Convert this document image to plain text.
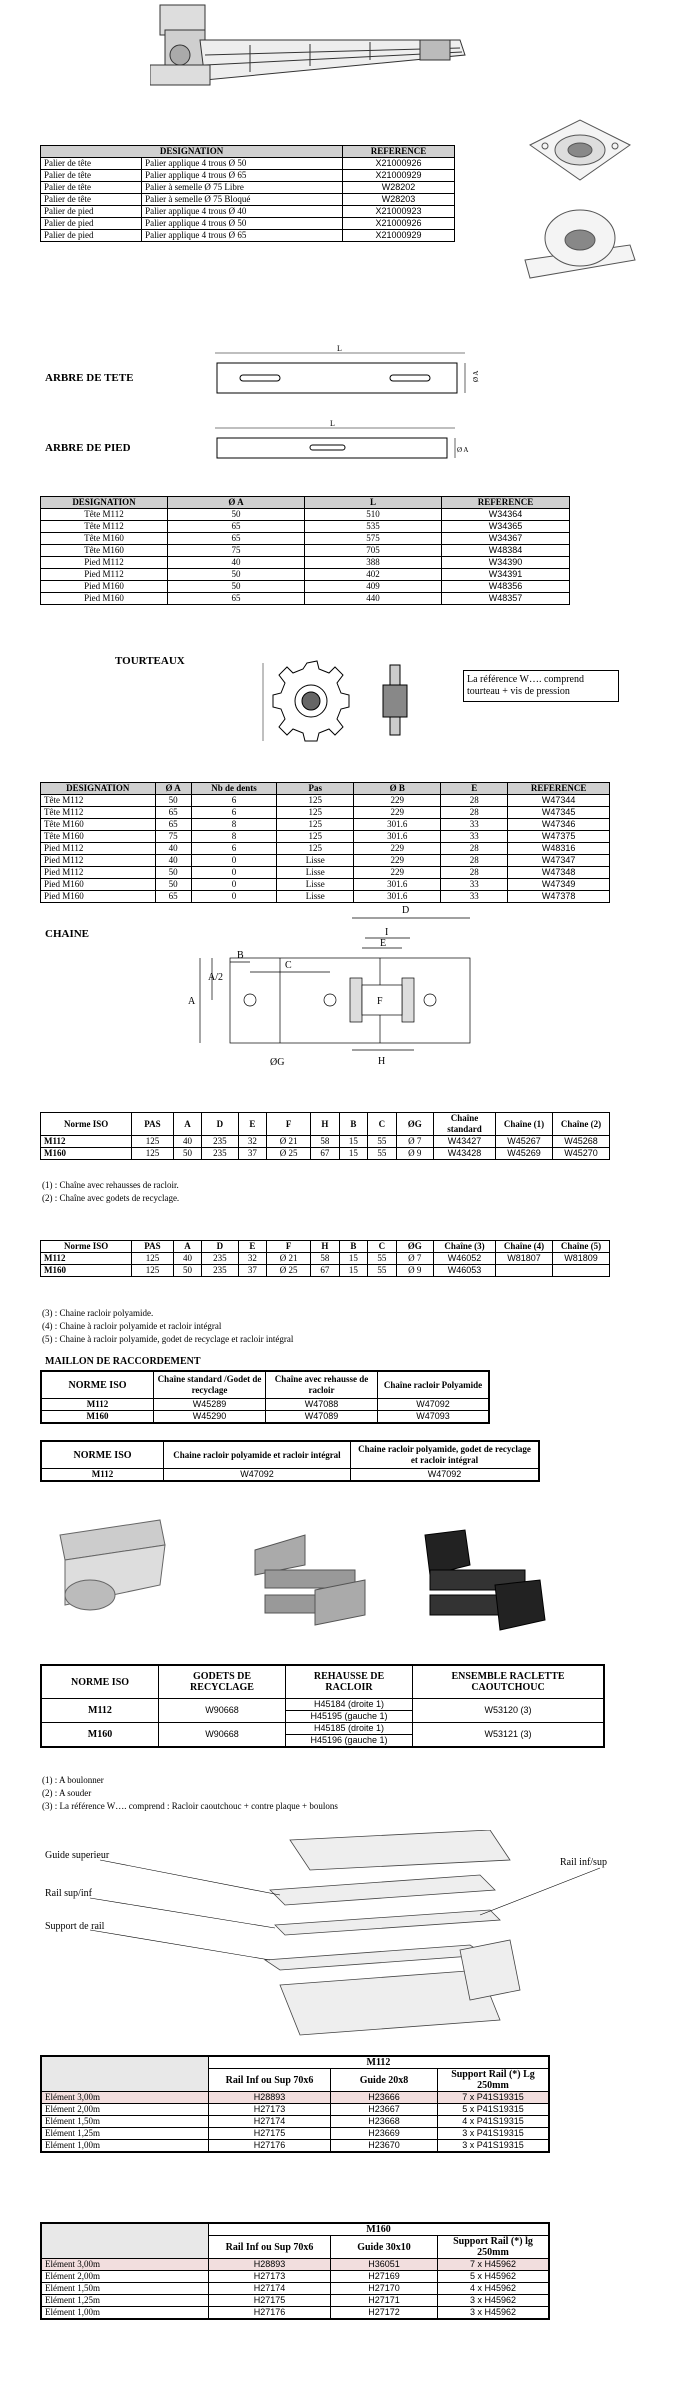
DESIGNATION		REFERENCE
Palier de tête	Palier applique 4 trous Ø 50	X21000926
Palier de tête	Palier applique 4 trous Ø 65	X21000929
Palier de tête	Palier à semelle Ø 75 Libre	W28202
Palier de tête	Palier à semelle Ø 75 Bloqué	W28203
Palier de pied	Palier applique 4 trous Ø 40	X21000923
Palier de pied	Palier applique 4 trous Ø 50	X21000926
Palier de pied	Palier applique 4 trous Ø 65	X21000929
ARBRE DE TETE
L
Ø A
ARBRE DE PIED
L
Ø A
DESIGNATION	Ø A	L	REFERENCE
Tête M112	50	510	W34364
Tête M112	65	535	W34365
Tête M160	65	575	W34367
Tête M160	75	705	W48384
Pied M112	40	388	W34390
Pied M112	50	402	W34391
Pied M160	50	409	W48356
Pied M160	65	440	W48357
TOURTEAUX
La référence W…. comprend tourteau + vis de pression
DESIGNATION	Ø A	Nb de dents	Pas	Ø B	E	REFERENCE
Tête M112	50	6	125	229	28	W47344
Tête M112	65	6	125	229	28	W47345
Tête M160	65	8	125	301.6	33	W47346
Tête M160	75	8	125	301.6	33	W47375
Pied M112	40	6	125	229	28	W48316
Pied M112	40	0	Lisse	229	28	W47347
Pied M112	50	0	Lisse	229	28	W47348
Pied M160	50	0	Lisse	301.6	33	W47349
Pied M160	65	0	Lisse	301.6	33	W47378
CHAINE
D
I
E
B
C
A
A/2
F
ØG	H
Norme ISO	PAS	A	D	E	F	H	B	C	ØG	Chaîne standard	Chaîne (1)	Chaîne (2)
M112	125	40	235	32	Ø 21	58	15	55	Ø 7	W43427	W45267	W45268
M160	125	50	235	37	Ø 25	67	15	55	Ø 9	W43428	W45269	W45270
(1) : Chaîne avec rehausses de racloir.
(2) : Chaîne avec godets de recyclage.
Norme ISO	PAS	A	D	E	F	H	B	C	ØG	Chaîne (3)	Chaîne (4)	Chaîne (5)
M112	125	40	235	32	Ø 21	58	15	55	Ø 7	W46052	W81807	W81809
M160	125	50	235	37	Ø 25	67	15	55	Ø 9	W46053		
(3) : Chaine racloir polyamide.
(4) : Chaine à racloir polyamide et racloir intégral
(5) : Chaine à racloir polyamide, godet de recyclage et racloir intégral
MAILLON DE RACCORDEMENT
NORME ISO	Chaîne standard /Godet de recyclage	Chaîne avec rehausse de racloir	Chaîne racloir Polyamide
M112	W45289	W47088	W47092
M160	W45290	W47089	W47093
NORME ISO	Chaine racloir polyamide et racloir intégral	Chaine racloir polyamide, godet de recyclage et racloir intégral
M112	W47092	W47092
NORME ISO	GODETS DE RECYCLAGE	REHAUSSE DE RACLOIR	ENSEMBLE RACLETTE CAOUTCHOUC
M112	W90668	H45184 (droite 1)	W53120 (3)
		H45195 (gauche 1)	
M160	W90668	H45185 (droite 1)	W53121 (3)
		H45196 (gauche 1)	
(1) : A boulonner
(2) : A souder
(3) : La référence W…. comprend : Racloir caoutchouc + contre plaque + boulons
Guide superieur
Rail sup/inf
Support de rail
Rail inf/sup
	M112		
	Rail Inf ou Sup 70x6	Guide 20x8	Support Rail (*) Lg 250mm
Elément 3,00m	H28893	H23666	7 x P41S19315
Elément 2,00m	H27173	H23667	5 x P41S19315
Elément 1,50m	H27174	H23668	4 x P41S19315
Elément 1,25m	H27175	H23669	3 x P41S19315
Elément 1,00m	H27176	H23670	3 x P41S19315
	M160		
	Rail Inf ou Sup 70x6	Guide 30x10	Support Rail (*) lg 250mm
Elément 3,00m	H28893	H36051	7 x H45962
Elément 2,00m	H27173	H27169	5 x H45962
Elément 1,50m	H27174	H27170	4 x H45962
Elément 1,25m	H27175	H27171	3 x H45962
Elément 1,00m	H27176	H27172	3 x H45962
